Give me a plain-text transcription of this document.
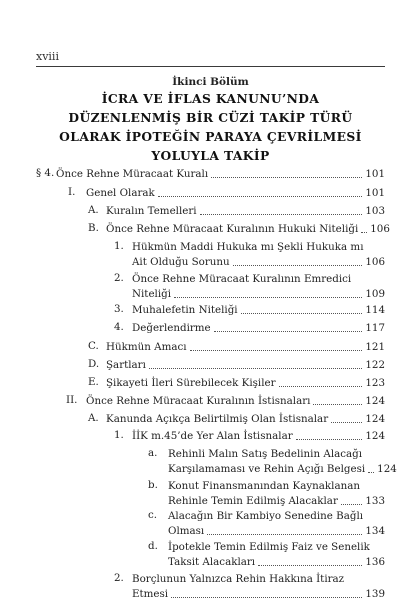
xviii
İkinci Bölüm
İCRA VE İFLAS KANUNU’NDA
DÜZENLENMİŞ BİR CÜZİ TAKİP TÜRÜ
OLARAK İPOTEĞİN PARAYA ÇEVRİLMESİ
YOLUYLA TAKİP
§ 4. Önce Rehne Müracaat Kuralı	101
I. Genel Olarak	101
A. Kuralın Temelleri	103
B. Önce Rehne Müracaat Kuralının Hukuki Niteliği 106
1. Hükmün Maddi Hukuka mı Şekli Hukuka mı
Ait Olduğu Sorunu	106
2. Önce Rehne Müracaat Kuralının Emredici
Niteliği	109
3. Muhalefetin Niteliği	114
4. Değerlendirme	117
C. Hükmün Amacı	121
D. Şartları	122
E. Şikayeti İleri Sürebilecek Kişiler	123
II. Önce Rehne Müracaat Kuralının İstisnaları	124
A. Kanunda Açıkça Belirtilmiş Olan İstisnalar	124
1. İİK m.45’de Yer Alan İstisnalar	124
a. Rehinli Malın Satış Bedelinin Alacağı
Karşılamaması ve Rehin Açığı Belgesi 124
b. Konut Finansmanından Kaynaklanan
Rehinle Temin Edilmiş Alacaklar	133
c. Alacağın Bir Kambiyo Senedine Bağlı
Olması	134
d. İpotekle Temin Edilmiş Faiz ve Senelik
Taksit Alacakları	136
2. Borçlunun Yalnızca Rehin Hakkına İtiraz
Etmesi	139
